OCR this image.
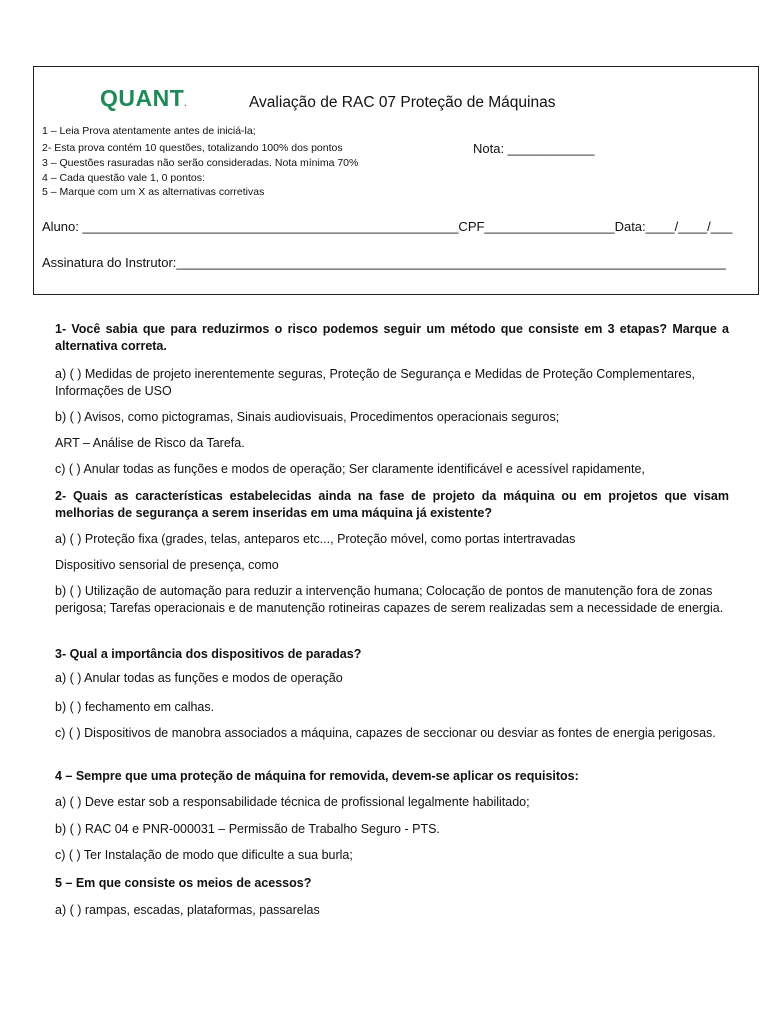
QUANT.	Avaliação de RAC 07 Proteção de Máquinas
1 – Leia Prova atentamente antes de iniciá-la;
2- Esta prova contém 10 questões, totalizando 100% dos pontos
3 – Questões rasuradas não serão consideradas. Nota mínima 70%
4 – Cada questão vale 1, 0 pontos:
5 – Marque com um X as alternativas corretivas
Nota: ____________
Aluno: ____________________________________________________CPF__________________Data:____/____/___
Assinatura do Instrutor:____________________________________________________________________________
1- Você sabia que para reduzirmos o risco podemos seguir um método que consiste em 3 etapas? Marque a alternativa correta.
a) ( ) Medidas de projeto inerentemente seguras, Proteção de Segurança e Medidas de Proteção Complementares, Informações de USO
b) ( ) Avisos, como pictogramas, Sinais audiovisuais, Procedimentos operacionais seguros;
ART – Análise de Risco da Tarefa.
c) ( ) Anular todas as funções e modos de operação; Ser claramente identificável e acessível rapidamente,
2- Quais as características estabelecidas ainda na fase de projeto da máquina ou em projetos que visam melhorias de segurança a serem inseridas em uma máquina já existente?
a) ( ) Proteção fixa (grades, telas, anteparos etc..., Proteção móvel, como portas intertravadas
Dispositivo sensorial de presença, como
b) ( ) Utilização de automação para reduzir a intervenção humana; Colocação de pontos de manutenção fora de zonas perigosa; Tarefas operacionais e de manutenção rotineiras capazes de serem realizadas sem a necessidade de energia.
3- Qual a importância dos dispositivos de paradas?
a) ( ) Anular todas as funções e modos de operação
b) ( ) fechamento em calhas.
c) ( ) Dispositivos de manobra associados a máquina, capazes de seccionar ou desviar as fontes de energia perigosas.
4 – Sempre que uma proteção de máquina for removida, devem-se aplicar os requisitos:
a) ( ) Deve estar sob a responsabilidade técnica de profissional legalmente habilitado;
b) ( ) RAC 04 e PNR-000031 – Permissão de Trabalho Seguro - PTS.
c) ( ) Ter Instalação de modo que dificulte a sua burla;
5 – Em que consiste os meios de acessos?
a) ( ) rampas, escadas, plataformas, passarelas
